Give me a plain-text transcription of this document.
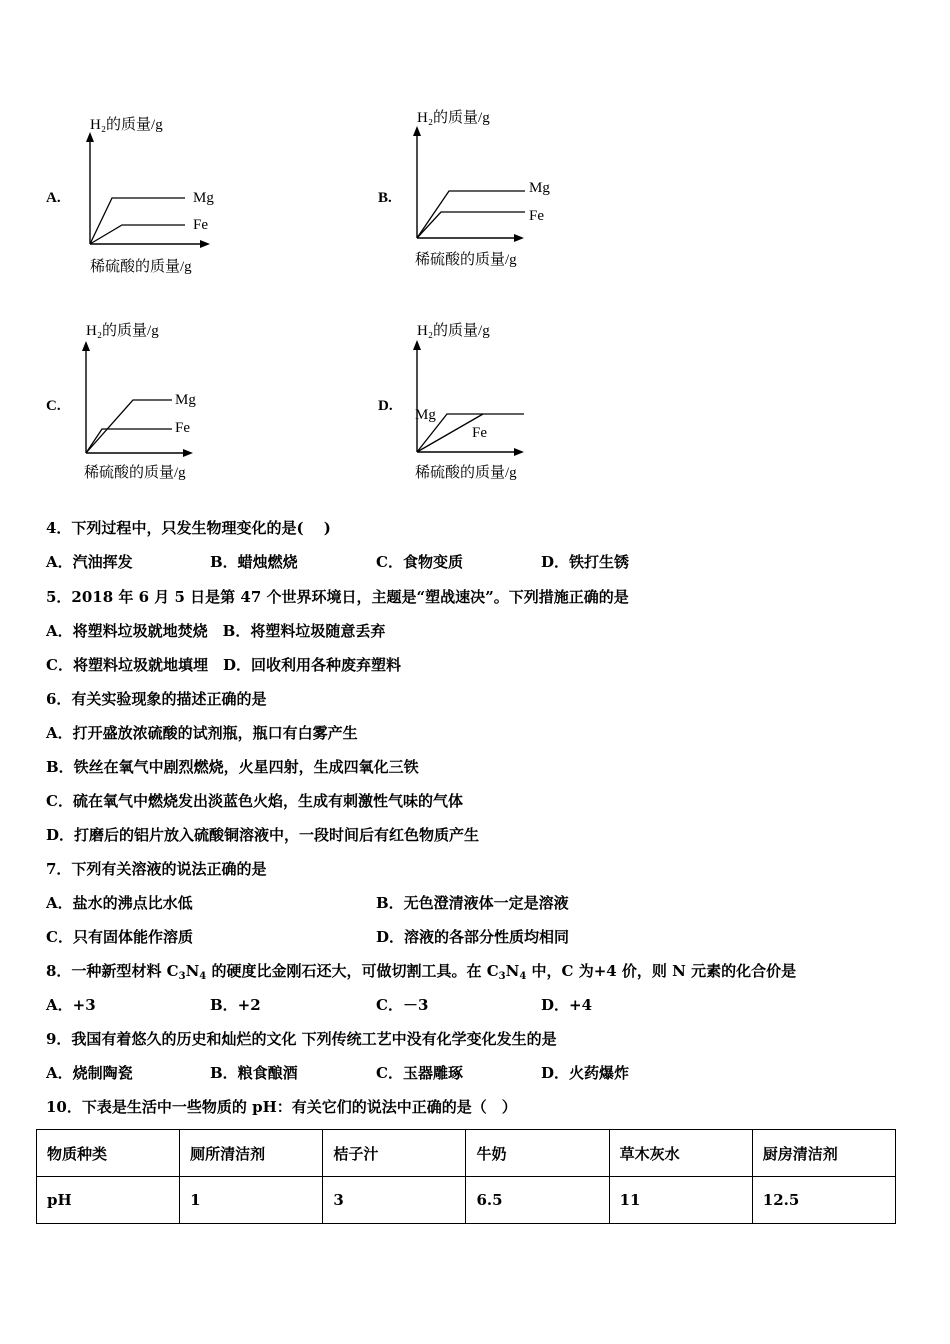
A.
H₂的质量/g
Mg
Fe
稀硫酸的质量/g
B.
H₂的质量/g
Mg
Fe
稀硫酸的质量/g
C.
H₂的质量/g
Mg
Fe
稀硫酸的质量/g
D.
H₂的质量/g
Mg
Fe
稀硫酸的质量/g
4．下列过程中，只发生物理变化的是(　 )
A．汽油挥发	B．蜡烛燃烧	C．食物变质	D．铁打生锈
5．2018 年 6 月 5 日是第 47 个世界环境日，主题是“塑战速决”。下列措施正确的是
A．将塑料垃圾就地焚烧　B．将塑料垃圾随意丢弃
C．将塑料垃圾就地填埋　D．回收利用各种废弃塑料
6．有关实验现象的描述正确的是
A．打开盛放浓硫酸的试剂瓶，瓶口有白雾产生
B．铁丝在氧气中剧烈燃烧，火星四射，生成四氧化三铁
C．硫在氧气中燃烧发出淡蓝色火焰，生成有刺激性气味的气体
D．打磨后的铝片放入硫酸铜溶液中，一段时间后有红色物质产生
7．下列有关溶液的说法正确的是
A．盐水的沸点比水低	B．无色澄清液体一定是溶液
C．只有固体能作溶质	D．溶液的各部分性质均相同
8．一种新型材料 $C_3N_4$ 的硬度比金刚石还大，可做切割工具。在 $C_3N_4$ 中，C 为+4 价，则 N 元素的化合价是
A．+3	B．+2	C．－3	D．+4
9．我国有着悠久的历史和灿烂的文化 下列传统工艺中没有化学变化发生的是
A．烧制陶瓷	B．粮食酿酒	C．玉器雕琢	D．火药爆炸
10．下表是生活中一些物质的 pH：有关它们的说法中正确的是（　）
物质种类	厕所清洁剂	桔子汁	牛奶	草木灰水	厨房清洁剂
pH	1	3	6.5	11	12.5
